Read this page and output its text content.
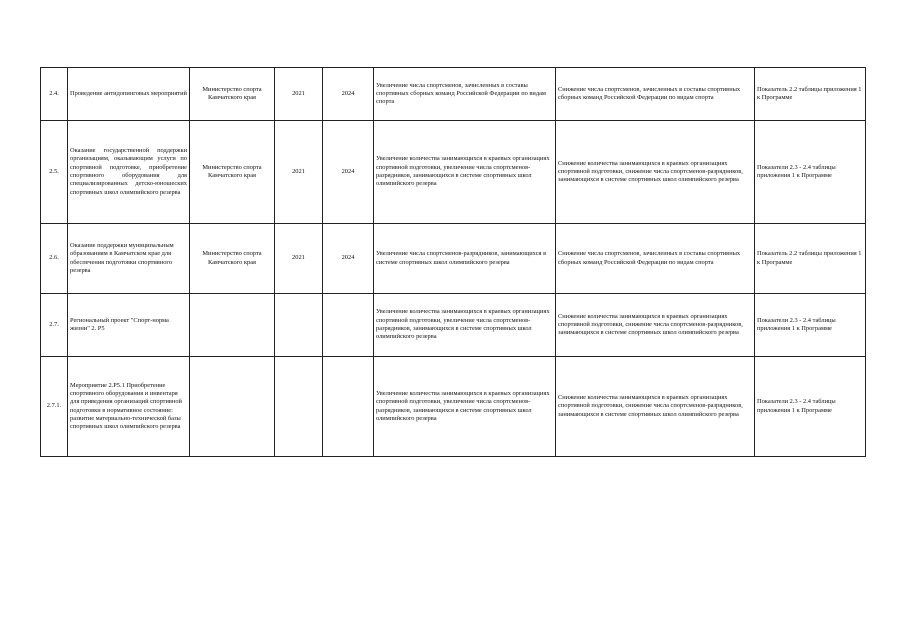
2.4.	Проведение антидопинговых мероприятий	Министерство спорта Камчатского края	2021	2024	Увеличение числа спортсменов, зачисленных в составы спортивных сборных команд Российской Федерации по видам спорта	Снижение числа спортсменов, зачисленных в составы спортивных сборных команд Российской Федерации по видам спорта	Показатель 2.2 таблицы приложения 1 к Программе
2.5.	Оказание государственной поддержки организациям, оказывающим услуги по спортивной подготовке, приобретение спортивного оборудования для специализированных детско-юношеских спортивных школ олимпийского резерва	Министерство спорта Камчатского края	2021	2024	Увеличение количества занимающихся в краевых организациях спортивной подготовки, увеличение числа спортсменов-разрядников, занимающихся в системе спортивных школ олимпийского резерва	Снижение количества занимающихся в краевых организациях спортивной подготовки, снижение числа спортсменов-разрядников, занимающихся в системе спортивных школ олимпийского резерва	Показатели 2.3 - 2.4 таблицы приложения 1 к Программе
2.6.	Оказание поддержки муниципальным образованиям в Камчатском крае для обеспечения подготовки спортивного резерва	Министерство спорта Камчатского края	2021	2024	Увеличение числа спортсменов-разрядников, занимающихся в системе спортивных школ олимпийского резерва	Снижение числа спортсменов, зачисленных в составы спортивных сборных команд Российской Федерации по видам спорта	Показатель 2.2 таблицы приложения 1 к Программе
2.7.	Региональный проект "Спорт-норма жизни" 2. Р5				Увеличение количества занимающихся в краевых организациях спортивной подготовки, увеличение числа спортсменов-разрядников, занимающихся в системе спортивных школ олимпийского резерва	Снижение количества занимающихся в краевых организациях спортивной подготовки, снижение числа спортсменов-разрядников, занимающихся в системе спортивных школ олимпийского резерва	Показатели 2.3 - 2.4 таблицы приложения 1 к Программе
2.7.1.	Мероприятие 2.Р5.1 Приобретение спортивного оборудования и инвентаря для приведения организаций спортивной подготовки в нормативное состояние: развитие материально-технической базы спортивных школ олимпийского резерва				Увеличение количества занимающихся в краевых организациях спортивной подготовки, увеличение числа спортсменов-разрядников, занимающихся в системе спортивных школ олимпийского резерва	Снижение количества занимающихся в краевых организациях спортивной подготовки, снижение числа спортсменов-разрядников, занимающихся в системе спортивных школ олимпийского резерва	Показатели 2.3 - 2.4 таблицы приложения 1 к Программе
